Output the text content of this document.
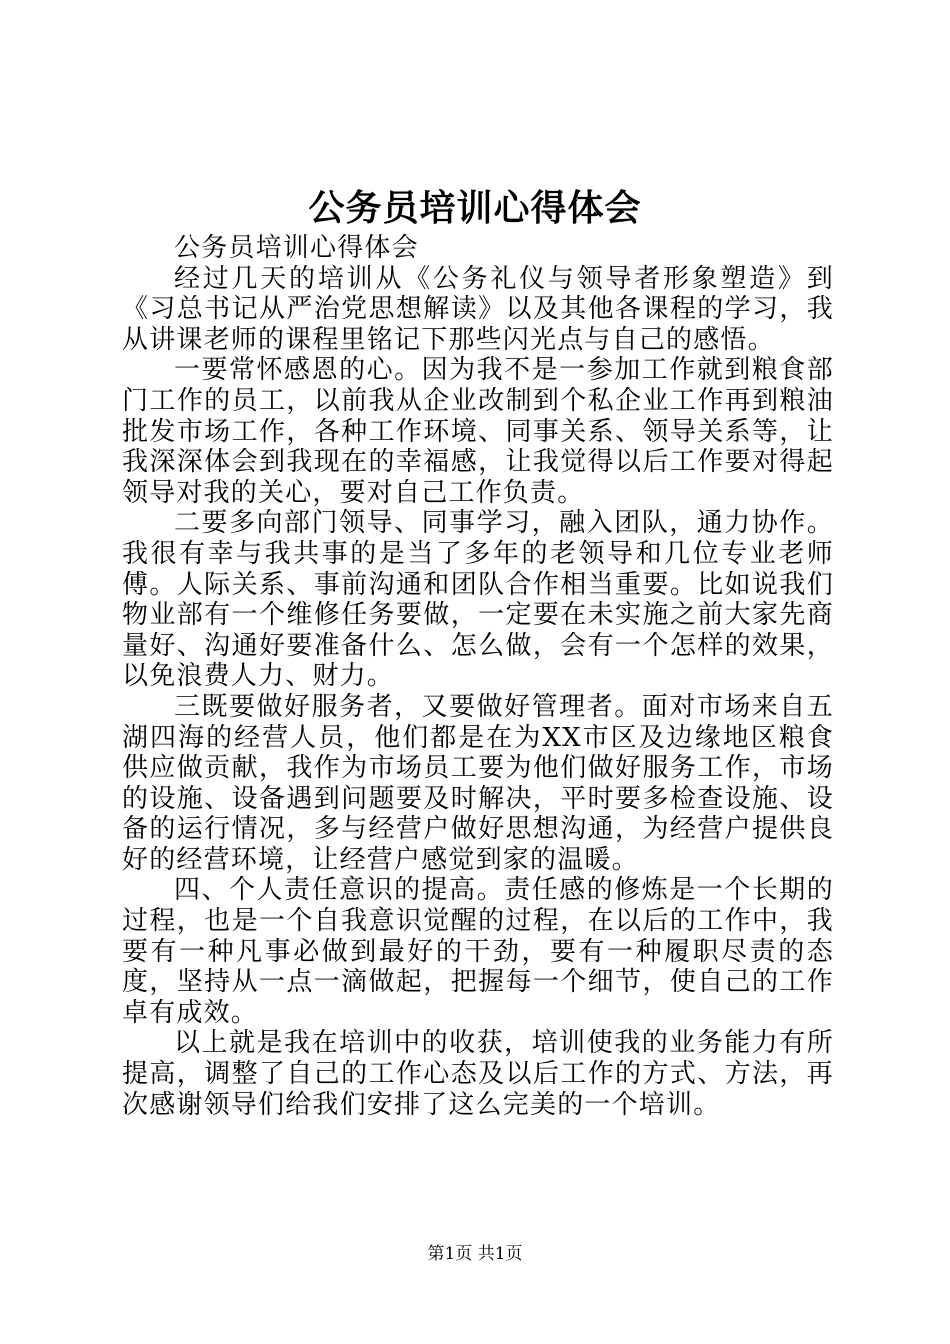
公务员培训心得体会

公务员培训心得体会

经过几天的培训从《公务礼仪与领导者形象塑造》到《习总书记从严治党思想解读》以及其他各课程的学习，我从讲课老师的课程里铭记下那些闪光点与自己的感悟。

一要常怀感恩的心。因为我不是一参加工作就到粮食部门工作的员工，以前我从企业改制到个私企业工作再到粮油批发市场工作，各种工作环境、同事关系、领导关系等，让我深深体会到我现在的幸福感，让我觉得以后工作要对得起领导对我的关心，要对自己工作负责。

二要多向部门领导、同事学习，融入团队，通力协作。我很有幸与我共事的是当了多年的老领导和几位专业老师傅。人际关系、事前沟通和团队合作相当重要。比如说我们物业部有一个维修任务要做，一定要在未实施之前大家先商量好、沟通好要准备什么、怎么做，会有一个怎样的效果，以免浪费人力、财力。

三既要做好服务者，又要做好管理者。面对市场来自五湖四海的经营人员，他们都是在为XX市区及边缘地区粮食供应做贡献，我作为市场员工要为他们做好服务工作，市场的设施、设备遇到问题要及时解决，平时要多检查设施、设备的运行情况，多与经营户做好思想沟通，为经营户提供良好的经营环境，让经营户感觉到家的温暖。

四、个人责任意识的提高。责任感的修炼是一个长期的过程，也是一个自我意识觉醒的过程，在以后的工作中，我要有一种凡事必做到最好的干劲，要有一种履职尽责的态度，坚持从一点一滴做起，把握每一个细节，使自己的工作卓有成效。

以上就是我在培训中的收获，培训使我的业务能力有所提高，调整了自己的工作心态及以后工作的方式、方法，再次感谢领导们给我们安排了这么完美的一个培训。

第1页 共1页
